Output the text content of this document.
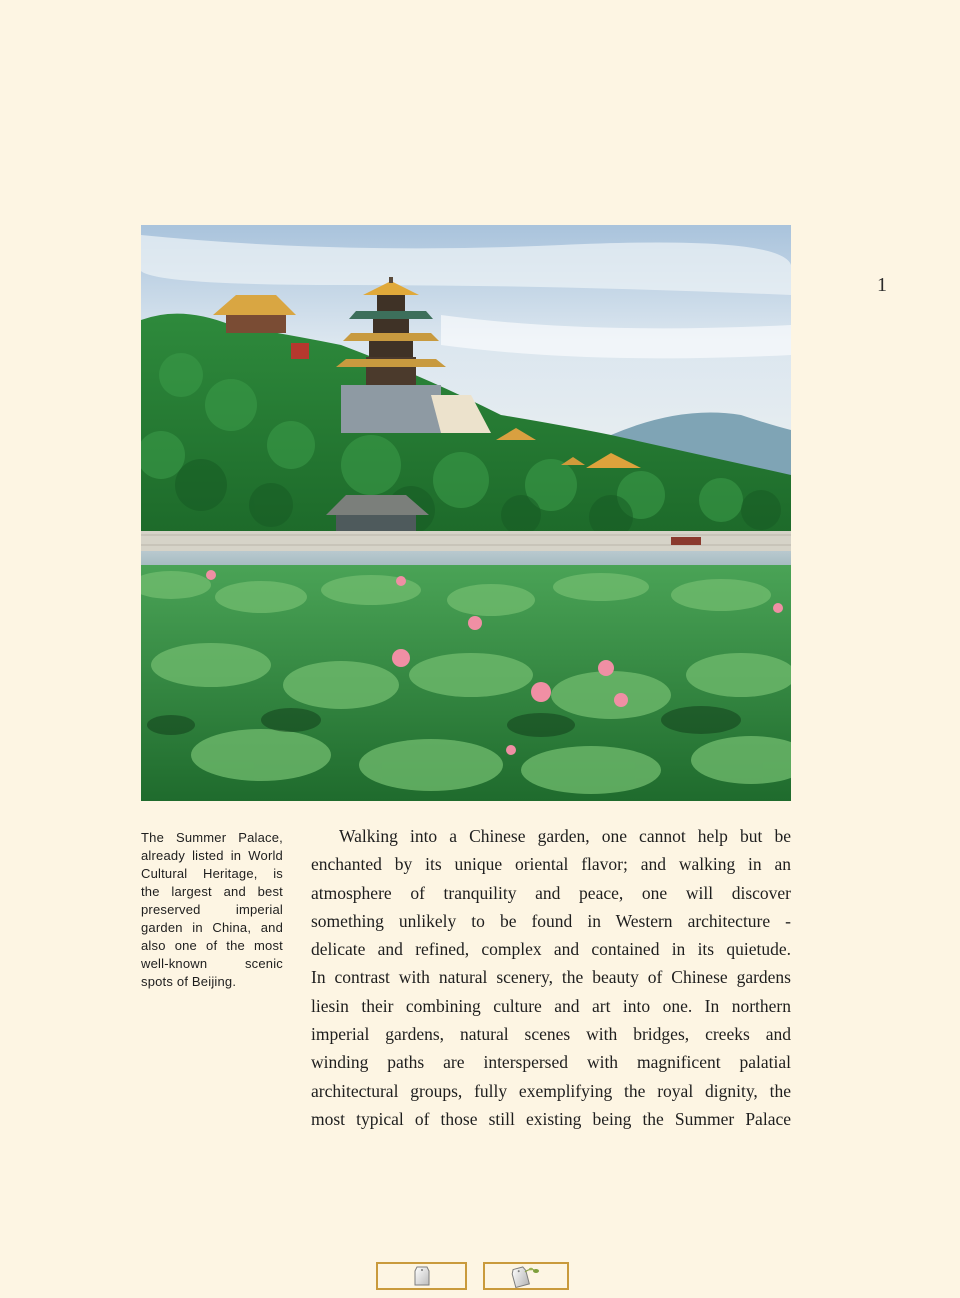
1
The Summer Palace,
already listed in World
Cultural Heritage, is
the largest and best
preserved imperial
garden in China, and
also one of the most
well-known scenic
spots of Beijing.
Walking into a Chinese garden, one cannot help but be
enchanted by its unique oriental flavor; and walking in an
atmosphere of tranquility and peace, one will discover
something unlikely to be found in Western architecture -
delicate and refined, complex and contained in its quietude.
In contrast with natural scenery, the beauty of Chinese gardens
liesin their combining culture and art into one. In northern
imperial gardens, natural scenes with bridges, creeks and
winding paths are interspersed with magnificent palatial
architectural groups, fully exemplifying the royal dignity, the
most typical of those still existing being the Summer Palace
